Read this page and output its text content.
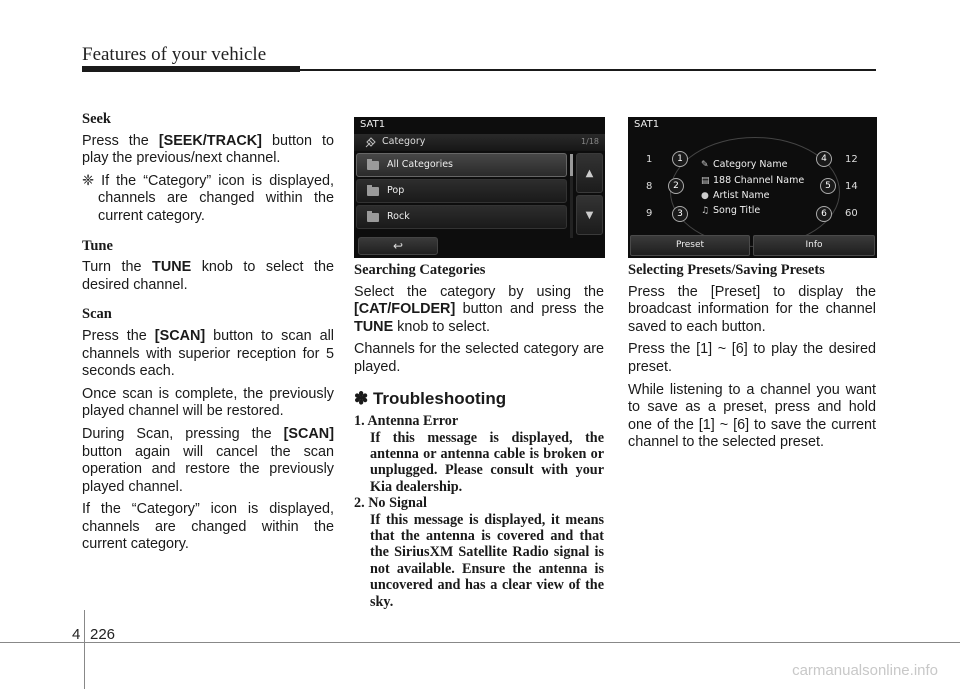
Features of your vehicle
Seek

Press the [SEEK/TRACK] button to play the previous/next channel.

❈ If the “Category” icon is displayed, channels are changed within the current category.

Tune

Turn the TUNE knob to select the desired channel.

Scan

Press the [SCAN] button to scan all channels with superior reception for 5 seconds each.

Once scan is complete, the previously played channel will be restored.

During Scan, pressing the [SCAN] button again will cancel the scan operation and restore the previously played channel.

If the “Category” icon is displayed, channels are changed within the current category.

SAT1
Category	1/18
All Categories
Pop
Rock
▲
▼
↩
Searching Categories

Select the category by using the [CAT/FOLDER] button and press the TUNE knob to select.

Channels for the selected category are played.

✽ Troubleshooting
1. Antenna Error
If this message is displayed, the antenna or antenna cable is broken or unplugged. Please consult with your Kia dealership.
2. No Signal
If this message is displayed, it means that the antenna is covered and that the SiriusXM Satellite Radio signal is not available. Ensure the antenna is uncovered and has a clear view of the sky.
SAT1
1
8
9
1
2
3
4
5
6
12
14
60
✎ Category Name
▤ 188 Channel Name
● Artist Name
♫ Song Title
Preset	Info
Selecting Presets/Saving Presets

Press the [Preset] to display the broadcast information for the channel saved to each button.

Press the [1] ~ [6] to play the desired preset.

While listening to a channel you want to save as a preset, press and hold one of the [1] ~ [6] to save the current channel to the selected preset.

4 226
carmanualsonline.info
